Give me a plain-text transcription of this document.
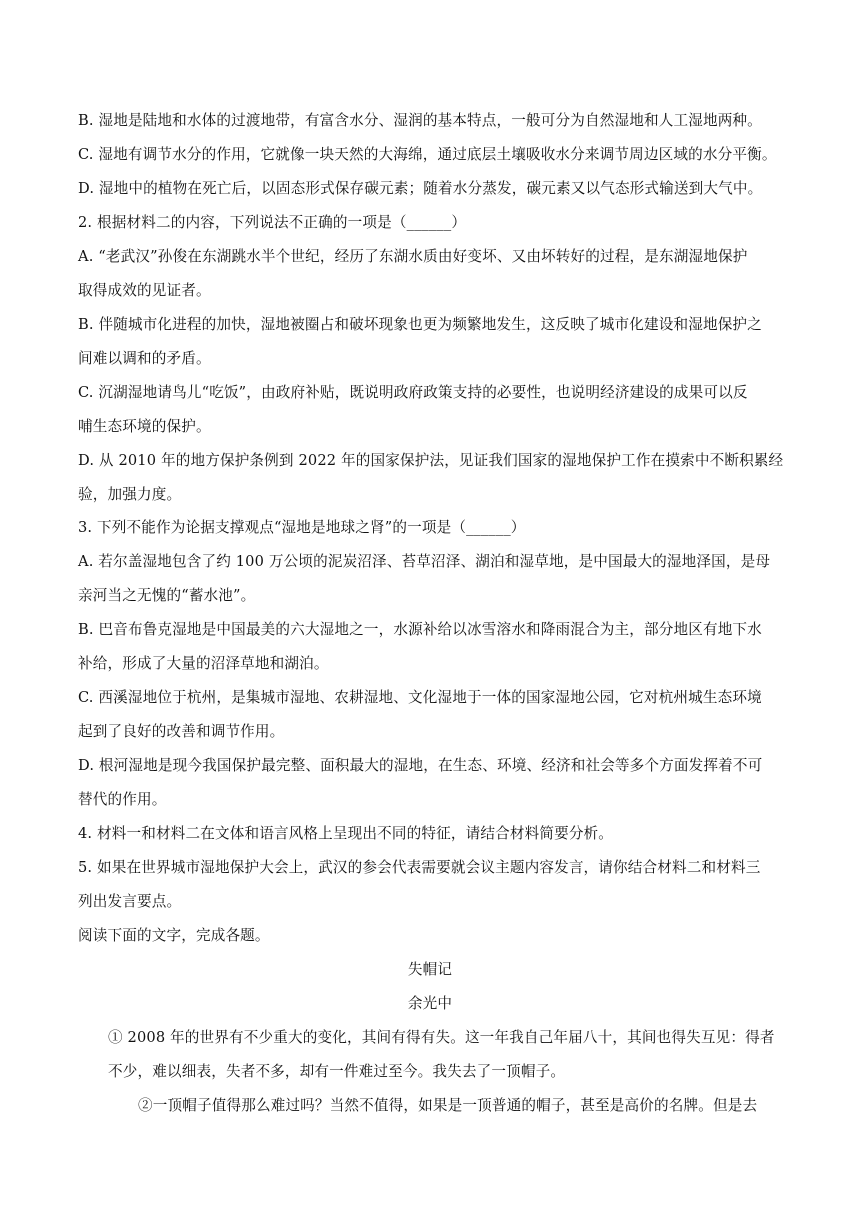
B. 湿地是陆地和水体的过渡地带，有富含水分、湿润的基本特点，一般可分为自然湿地和人工湿地两种。
C. 湿地有调节水分的作用，它就像一块天然的大海绵，通过底层土壤吸收水分来调节周边区域的水分平衡。
D. 湿地中的植物在死亡后，以固态形式保存碳元素；随着水分蒸发，碳元素又以气态形式输送到大气中。
2. 根据材料二的内容，下列说法不正确的一项是（______）
A. “老武汉”孙俊在东湖跳水半个世纪，经历了东湖水质由好变坏、又由坏转好的过程，是东湖湿地保护
取得成效的见证者。
B. 伴随城市化进程的加快，湿地被圈占和破坏现象也更为频繁地发生，这反映了城市化建设和湿地保护之
间难以调和的矛盾。
C. 沉湖湿地请鸟儿“吃饭”，由政府补贴，既说明政府政策支持的必要性，也说明经济建设的成果可以反
哺生态环境的保护。
D. 从 2010 年的地方保护条例到 2022 年的国家保护法，见证我们国家的湿地保护工作在摸索中不断积累经
验，加强力度。
3. 下列不能作为论据支撑观点“湿地是地球之肾”的一项是（______）
A. 若尔盖湿地包含了约 100 万公顷的泥炭沼泽、苔草沼泽、湖泊和湿草地，是中国最大的湿地泽国，是母
亲河当之无愧的“蓄水池”。
B. 巴音布鲁克湿地是中国最美的六大湿地之一，水源补给以冰雪溶水和降雨混合为主，部分地区有地下水
补给，形成了大量的沼泽草地和湖泊。
C. 西溪湿地位于杭州，是集城市湿地、农耕湿地、文化湿地于一体的国家湿地公园，它对杭州城生态环境
起到了良好的改善和调节作用。
D. 根河湿地是现今我国保护最完整、面积最大的湿地，在生态、环境、经济和社会等多个方面发挥着不可
替代的作用。
4. 材料一和材料二在文体和语言风格上呈现出不同的特征，请结合材料简要分析。
5. 如果在世界城市湿地保护大会上，武汉的参会代表需要就会议主题内容发言，请你结合材料二和材料三
列出发言要点。
阅读下面的文字，完成各题。
失帽记
余光中
① 2008 年的世界有不少重大的变化，其间有得有失。这一年我自己年届八十，其间也得失互见：得者
不少，难以细表，失者不多，却有一件难过至今。我失去了一顶帽子。
②一顶帽子值得那么难过吗？当然不值得，如果是一顶普通的帽子，甚至是高价的名牌。但是去
